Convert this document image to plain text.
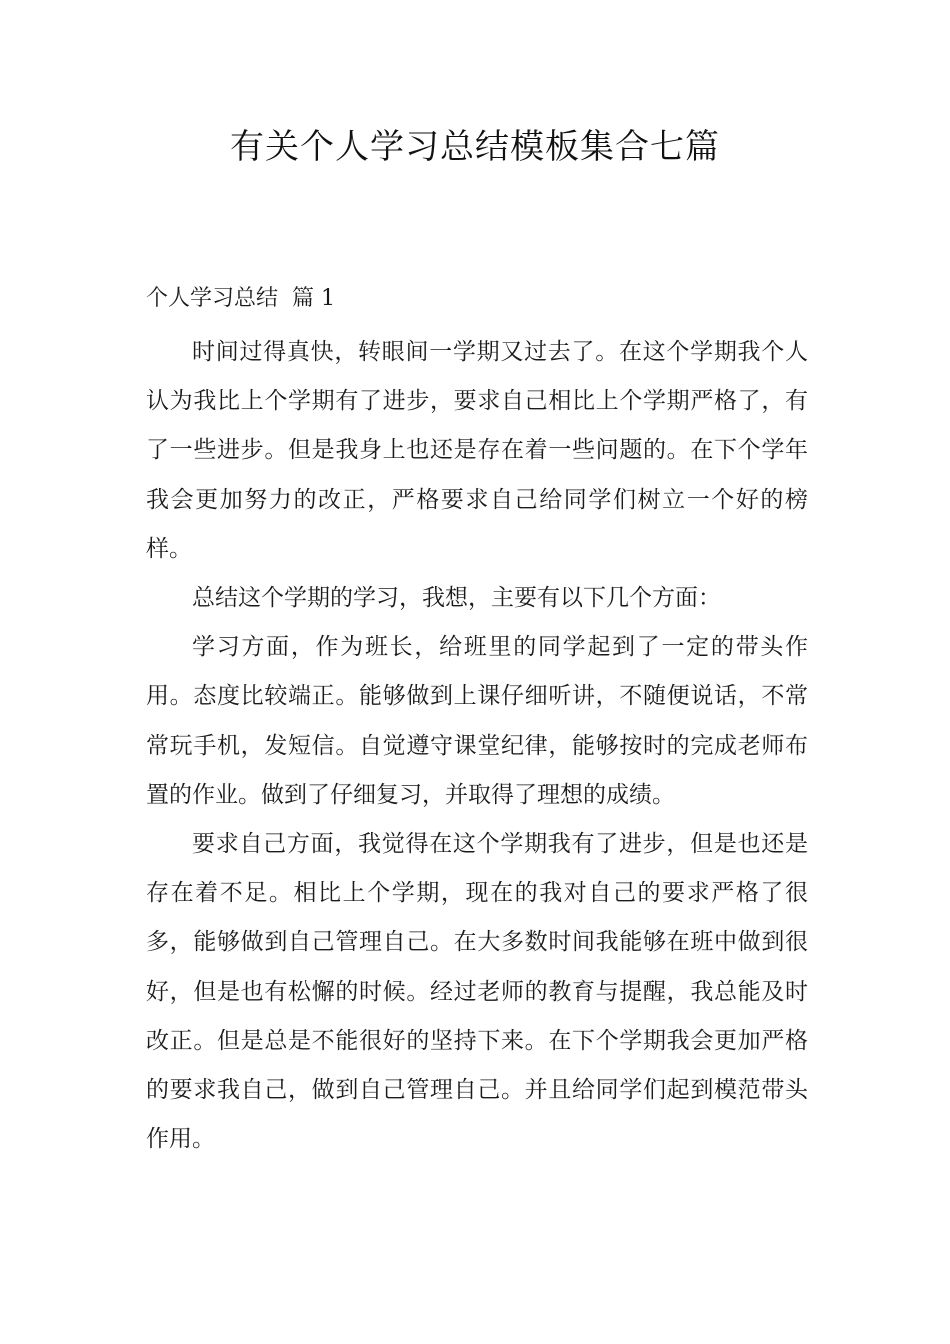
有关个人学习总结模板集合七篇
个人学习总结  篇 1

时间过得真快，转眼间一学期又过去了。在这个学期我个人认为我比上个学期有了进步，要求自己相比上个学期严格了，有了一些进步。但是我身上也还是存在着一些问题的。在下个学年我会更加努力的改正，严格要求自己给同学们树立一个好的榜样。

总结这个学期的学习，我想，主要有以下几个方面：

学习方面，作为班长，给班里的同学起到了一定的带头作用。态度比较端正。能够做到上课仔细听讲，不随便说话，不常常玩手机，发短信。自觉遵守课堂纪律，能够按时的完成老师布置的作业。做到了仔细复习，并取得了理想的成绩。

要求自己方面，我觉得在这个学期我有了进步，但是也还是存在着不足。相比上个学期，现在的我对自己的要求严格了很多，能够做到自己管理自己。在大多数时间我能够在班中做到很好，但是也有松懈的时候。经过老师的教育与提醒，我总能及时改正。但是总是不能很好的坚持下来。在下个学期我会更加严格的要求我自己，做到自己管理自己。并且给同学们起到模范带头作用。
